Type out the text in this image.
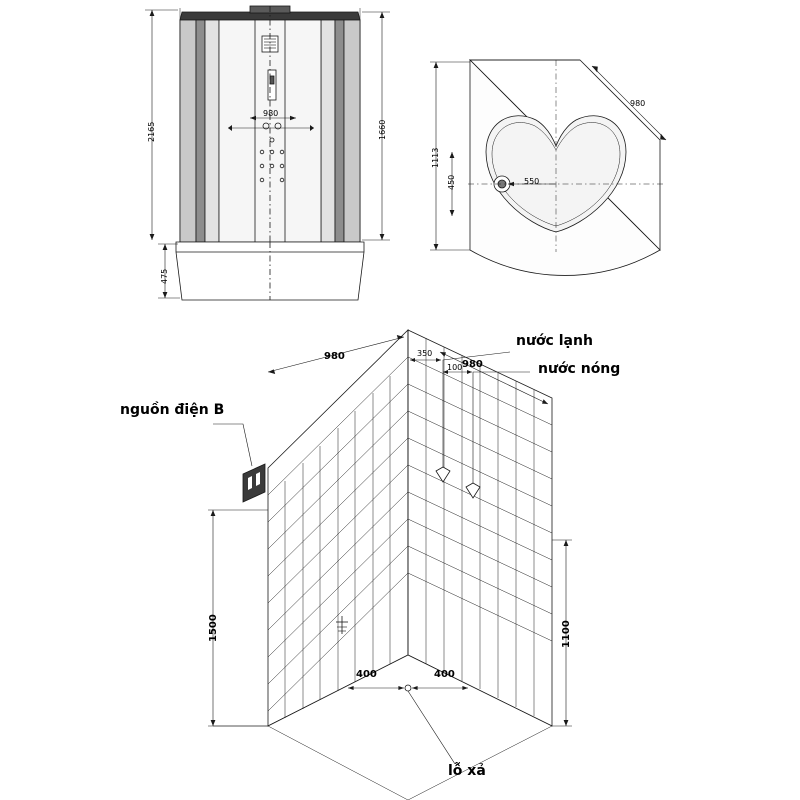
2165	1660
475
980
980
1113
450	550
980
980
350
100
1500	1100
400	400
nguồn điện B
nước lạnh
nước nóng
lỗ xả
